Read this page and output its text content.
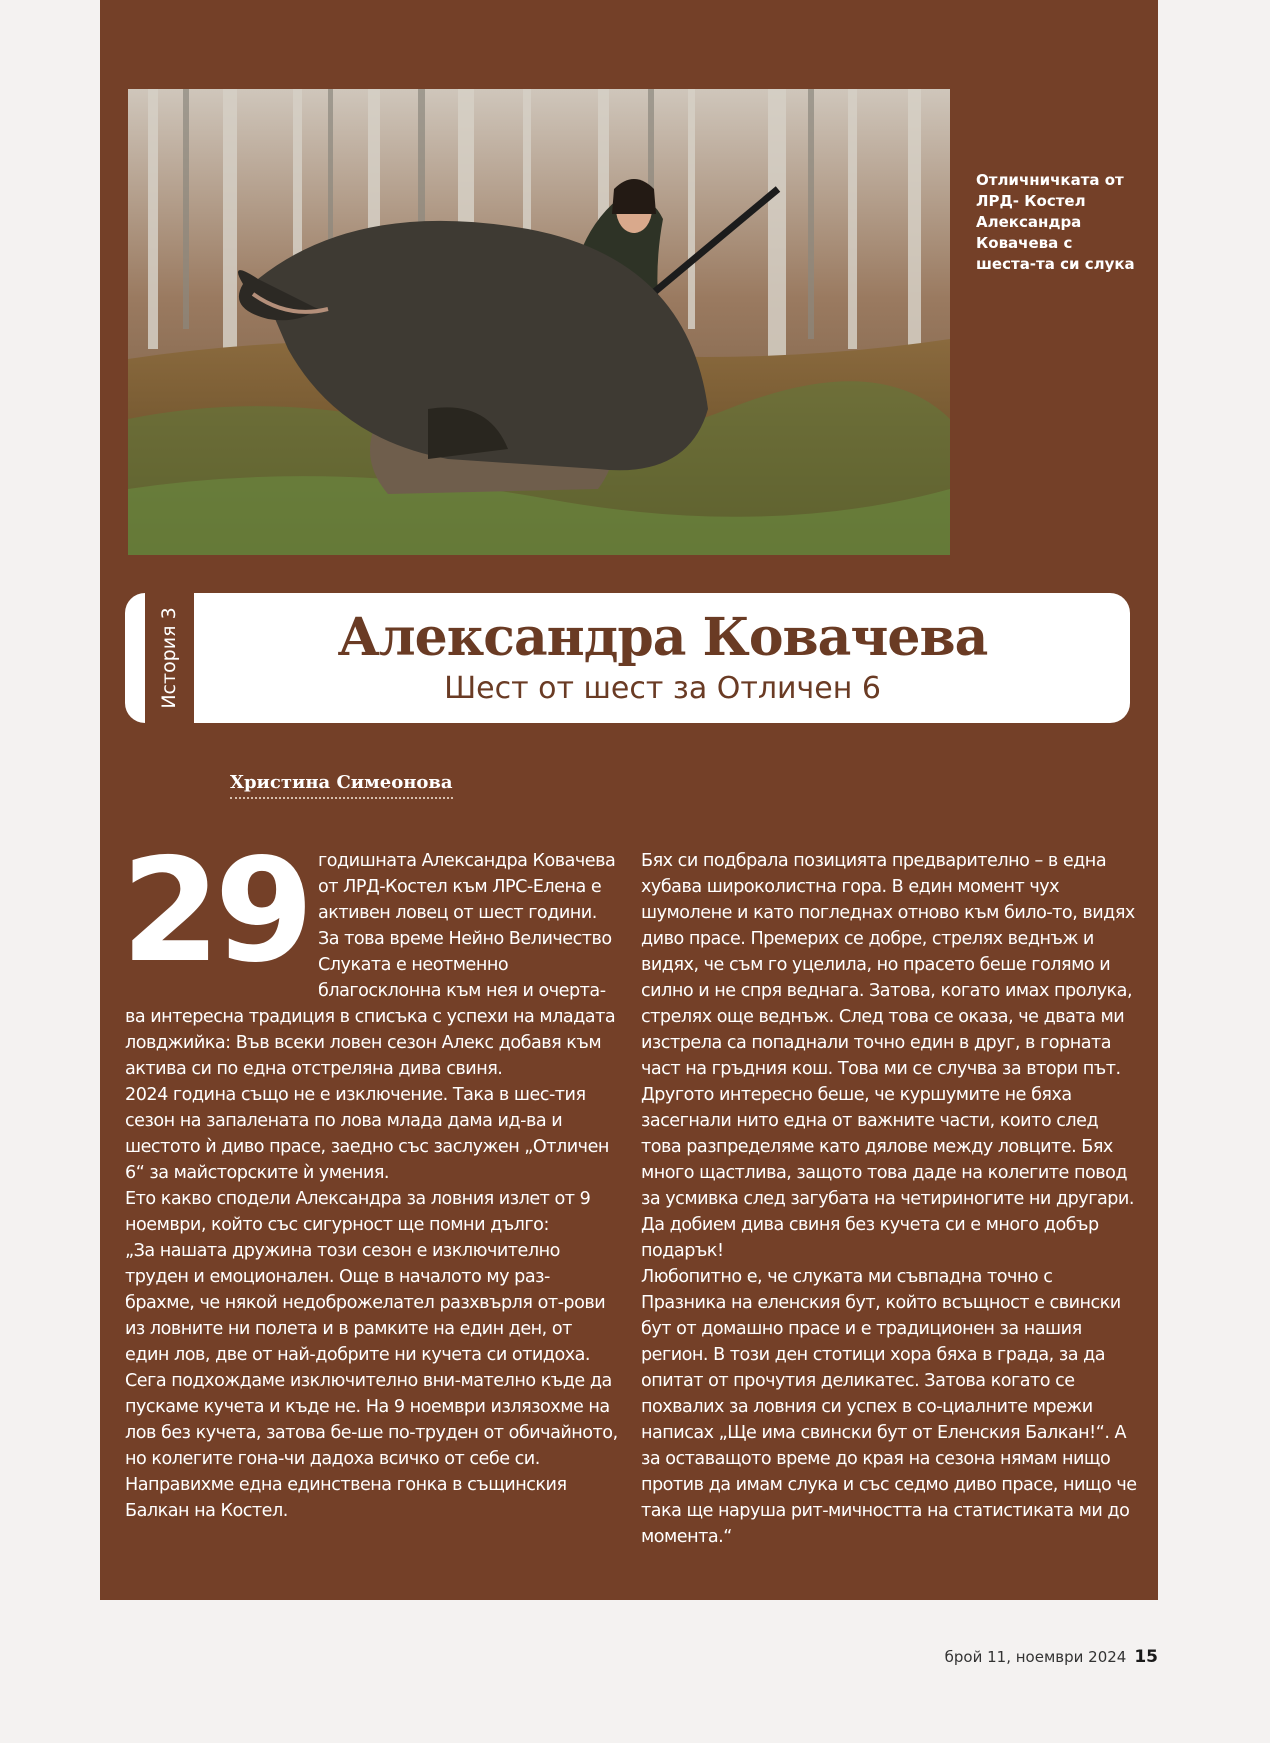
Отличничката от ЛРД- Костел Александра Ковачева с шеста-та си слука
История 3	Александра Ковачева
Шест от шест за Отличен 6
Христина Симеонова
29 годишната Александра Ковачева от ЛРД-Костел към ЛРС-Елена е активен ловец от шест години. За това време Нейно Величество Слуката е неотменно благосклонна към нея и очерта-ва интересна традиция в списъка с успехи на младата ловджийка: Във всеки ловен сезон Алекс добавя към актива си по една отстреляна дива свиня.

2024 година също не е изключение. Така в шес-тия сезон на запалената по лова млада дама ид-ва и шестото ѝ диво прасе, заедно със заслужен „Отличен 6“ за майсторските ѝ умения.

Ето какво сподели Александра за ловния излет от 9 ноември, който със сигурност ще помни дълго:

„За нашата дружина този сезон е изключително труден и емоционален. Още в началото му раз-брахме, че някой недоброжелател разхвърля от-рови из ловните ни полета и в рамките на един ден, от един лов, две от най-добрите ни кучета си отидоха. Сега подхождаме изключително вни-мателно къде да пускаме кучета и къде не. На 9 ноември излязохме на лов без кучета, затова бе-ше по-труден от обичайното, но колегите гона-чи дадоха всичко от себе си. Направихме една единствена гонка в същинския Балкан на Костел.

Бях си подбрала позицията предварително – в една хубава широколистна гора. В един момент чух шумолене и като погледнах отново към било-то, видях диво прасе. Премерих се добре, стрелях веднъж и видях, че съм го уцелила, но прасето беше голямо и силно и не спря веднага. Затова, когато имах пролука, стрелях още веднъж. След това се оказа, че двата ми изстрела са попаднали точно един в друг, в горната част на гръдния кош. Това ми се случва за втори път. Другото интересно беше, че куршумите не бяха засегнали нито една от важните части, които след това разпределяме като дялове между ловците. Бях много щастлива, защото това даде на колегите повод за усмивка след загубата на четириногите ни другари. Да добием дива свиня без кучета си е много добър подарък!

Любопитно е, че слуката ми съвпадна точно с Празника на еленския бут, който всъщност е свински бут от домашно прасе и е традиционен за нашия регион. В този ден стотици хора бяха в града, за да опитат от прочутия деликатес. Затова когато се похвалих за ловния си успех в со-циалните мрежи написах „Ще има свински бут от Еленския Балкан!“. А за оставащото време до края на сезона нямам нищо против да имам слука и със седмо диво прасе, нищо че така ще наруша рит-мичността на статистиката ми до момента.“

брой 11, ноември 2024 15
